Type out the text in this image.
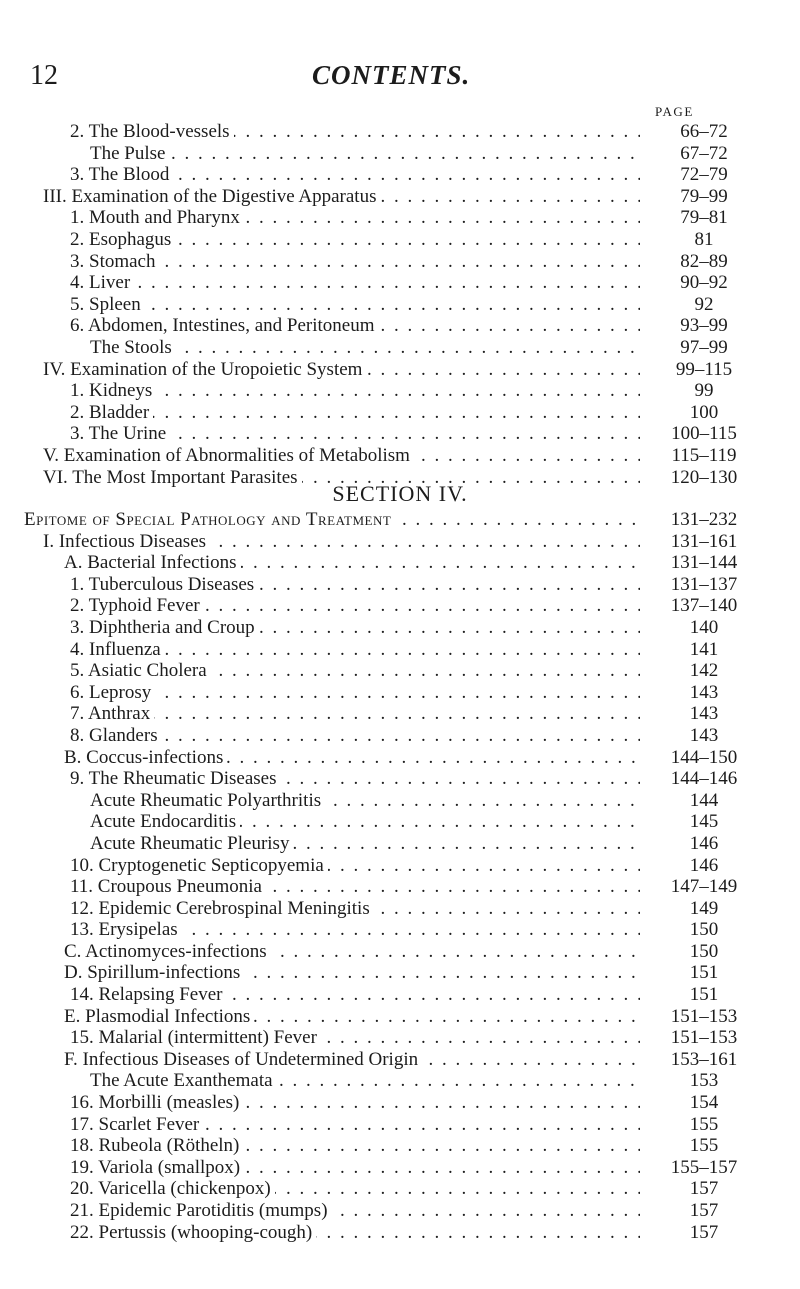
12	CONTENTS.
PAGE
2. The Blood-vessels . . .	66–72
The Pulse . . .	67–72
3. The Blood . . .	72–79
III. Examination of the Digestive Apparatus . . .	79–99
1. Mouth and Pharynx . . .	79–81
2. Esophagus . . .	81
3. Stomach . . .	82–89
4. Liver . . .	90–92
5. Spleen . . .	92
6. Abdomen, Intestines, and Peritoneum . . .	93–99
The Stools . . .	97–99
IV. Examination of the Uropoietic System . . .	99–115
1. Kidneys . . .	99
2. Bladder . . .	100
3. The Urine . . .	100–115
V. Examination of Abnormalities of Metabolism . . .	115–119
VI. The Most Important Parasites . . .	120–130
SECTION IV.
Epitome of Special Pathology and Treatment . . .	131–232
I. Infectious Diseases . . .	131–161
A. Bacterial Infections . . .	131–144
1. Tuberculous Diseases . . .	131–137
2. Typhoid Fever . . .	137–140
3. Diphtheria and Croup . . .	140
4. Influenza . . .	141
5. Asiatic Cholera . . .	142
6. Leprosy . . .	143
7. Anthrax . . .	143
8. Glanders . . .	143
B. Coccus-infections . . .	144–150
9. The Rheumatic Diseases . . .	144–146
Acute Rheumatic Polyarthritis . . .	144
Acute Endocarditis . . .	145
Acute Rheumatic Pleurisy . . .	146
10. Cryptogenetic Septicopyemia . . .	146
11. Croupous Pneumonia . . .	147–149
12. Epidemic Cerebrospinal Meningitis . . .	149
13. Erysipelas . . .	150
C. Actinomyces-infections . . .	150
D. Spirillum-infections . . .	151
14. Relapsing Fever . . .	151
E. Plasmodial Infections . . .	151–153
15. Malarial (intermittent) Fever . . .	151–153
F. Infectious Diseases of Undetermined Origin . . .	153–161
The Acute Exanthemata . . .	153
16. Morbilli (measles) . . .	154
17. Scarlet Fever . . .	155
18. Rubeola (Rötheln) . . .	155
19. Variola (smallpox) . . .	155–157
20. Varicella (chickenpox) . . .	157
21. Epidemic Parotiditis (mumps) . . .	157
22. Pertussis (whooping-cough) . . .	157
